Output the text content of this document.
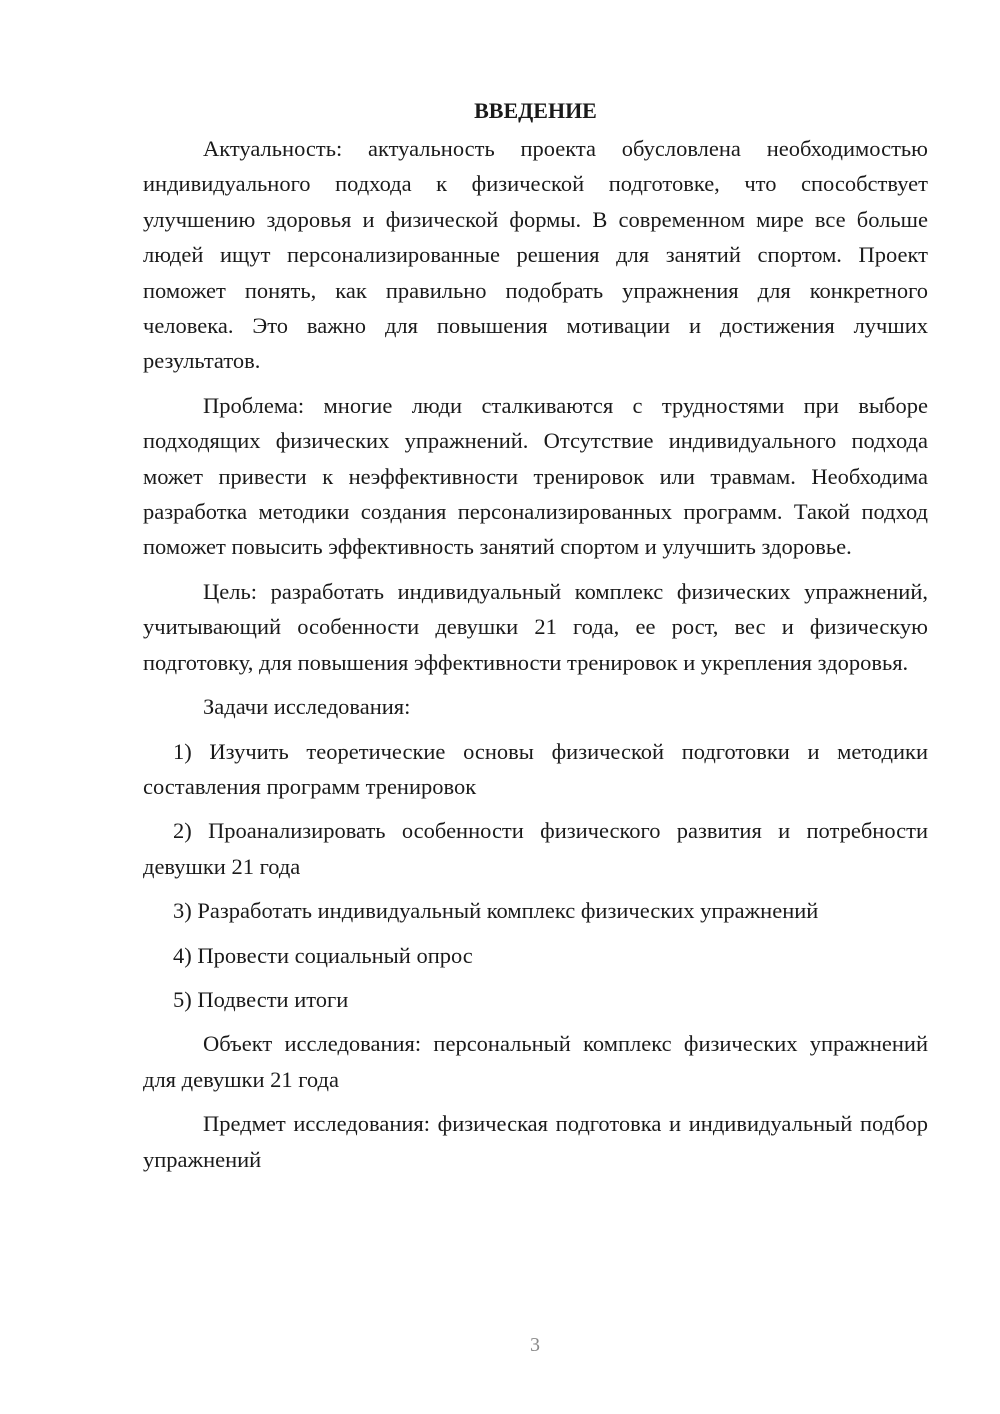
ВВЕДЕНИЕ

Актуальность: актуальность проекта обусловлена необходимостью индивидуального подхода к физической подготовке, что способствует улучшению здоровья и физической формы. В современном мире все больше людей ищут персонализированные решения для занятий спортом. Проект поможет понять, как правильно подобрать упражнения для конкретного человека. Это важно для повышения мотивации и достижения лучших результатов.

Проблема: многие люди сталкиваются с трудностями при выборе подходящих физических упражнений. Отсутствие индивидуального подхода может привести к неэффективности тренировок или травмам. Необходима разработка методики создания персонализированных программ. Такой подход поможет повысить эффективность занятий спортом и улучшить здоровье.

Цель: разработать индивидуальный комплекс физических упражнений, учитывающий особенности девушки 21 года, ее рост, вес и физическую подготовку, для повышения эффективности тренировок и укрепления здоровья.

Задачи исследования:

1) Изучить теоретические основы физической подготовки и методики составления программ тренировок

2) Проанализировать особенности физического развития и потребности девушки 21 года

3) Разработать индивидуальный комплекс физических упражнений

4) Провести социальный опрос

5) Подвести итоги

Объект исследования: персональный комплекс физических упражнений для девушки 21 года

Предмет исследования: физическая подготовка и индивидуальный подбор упражнений

3
